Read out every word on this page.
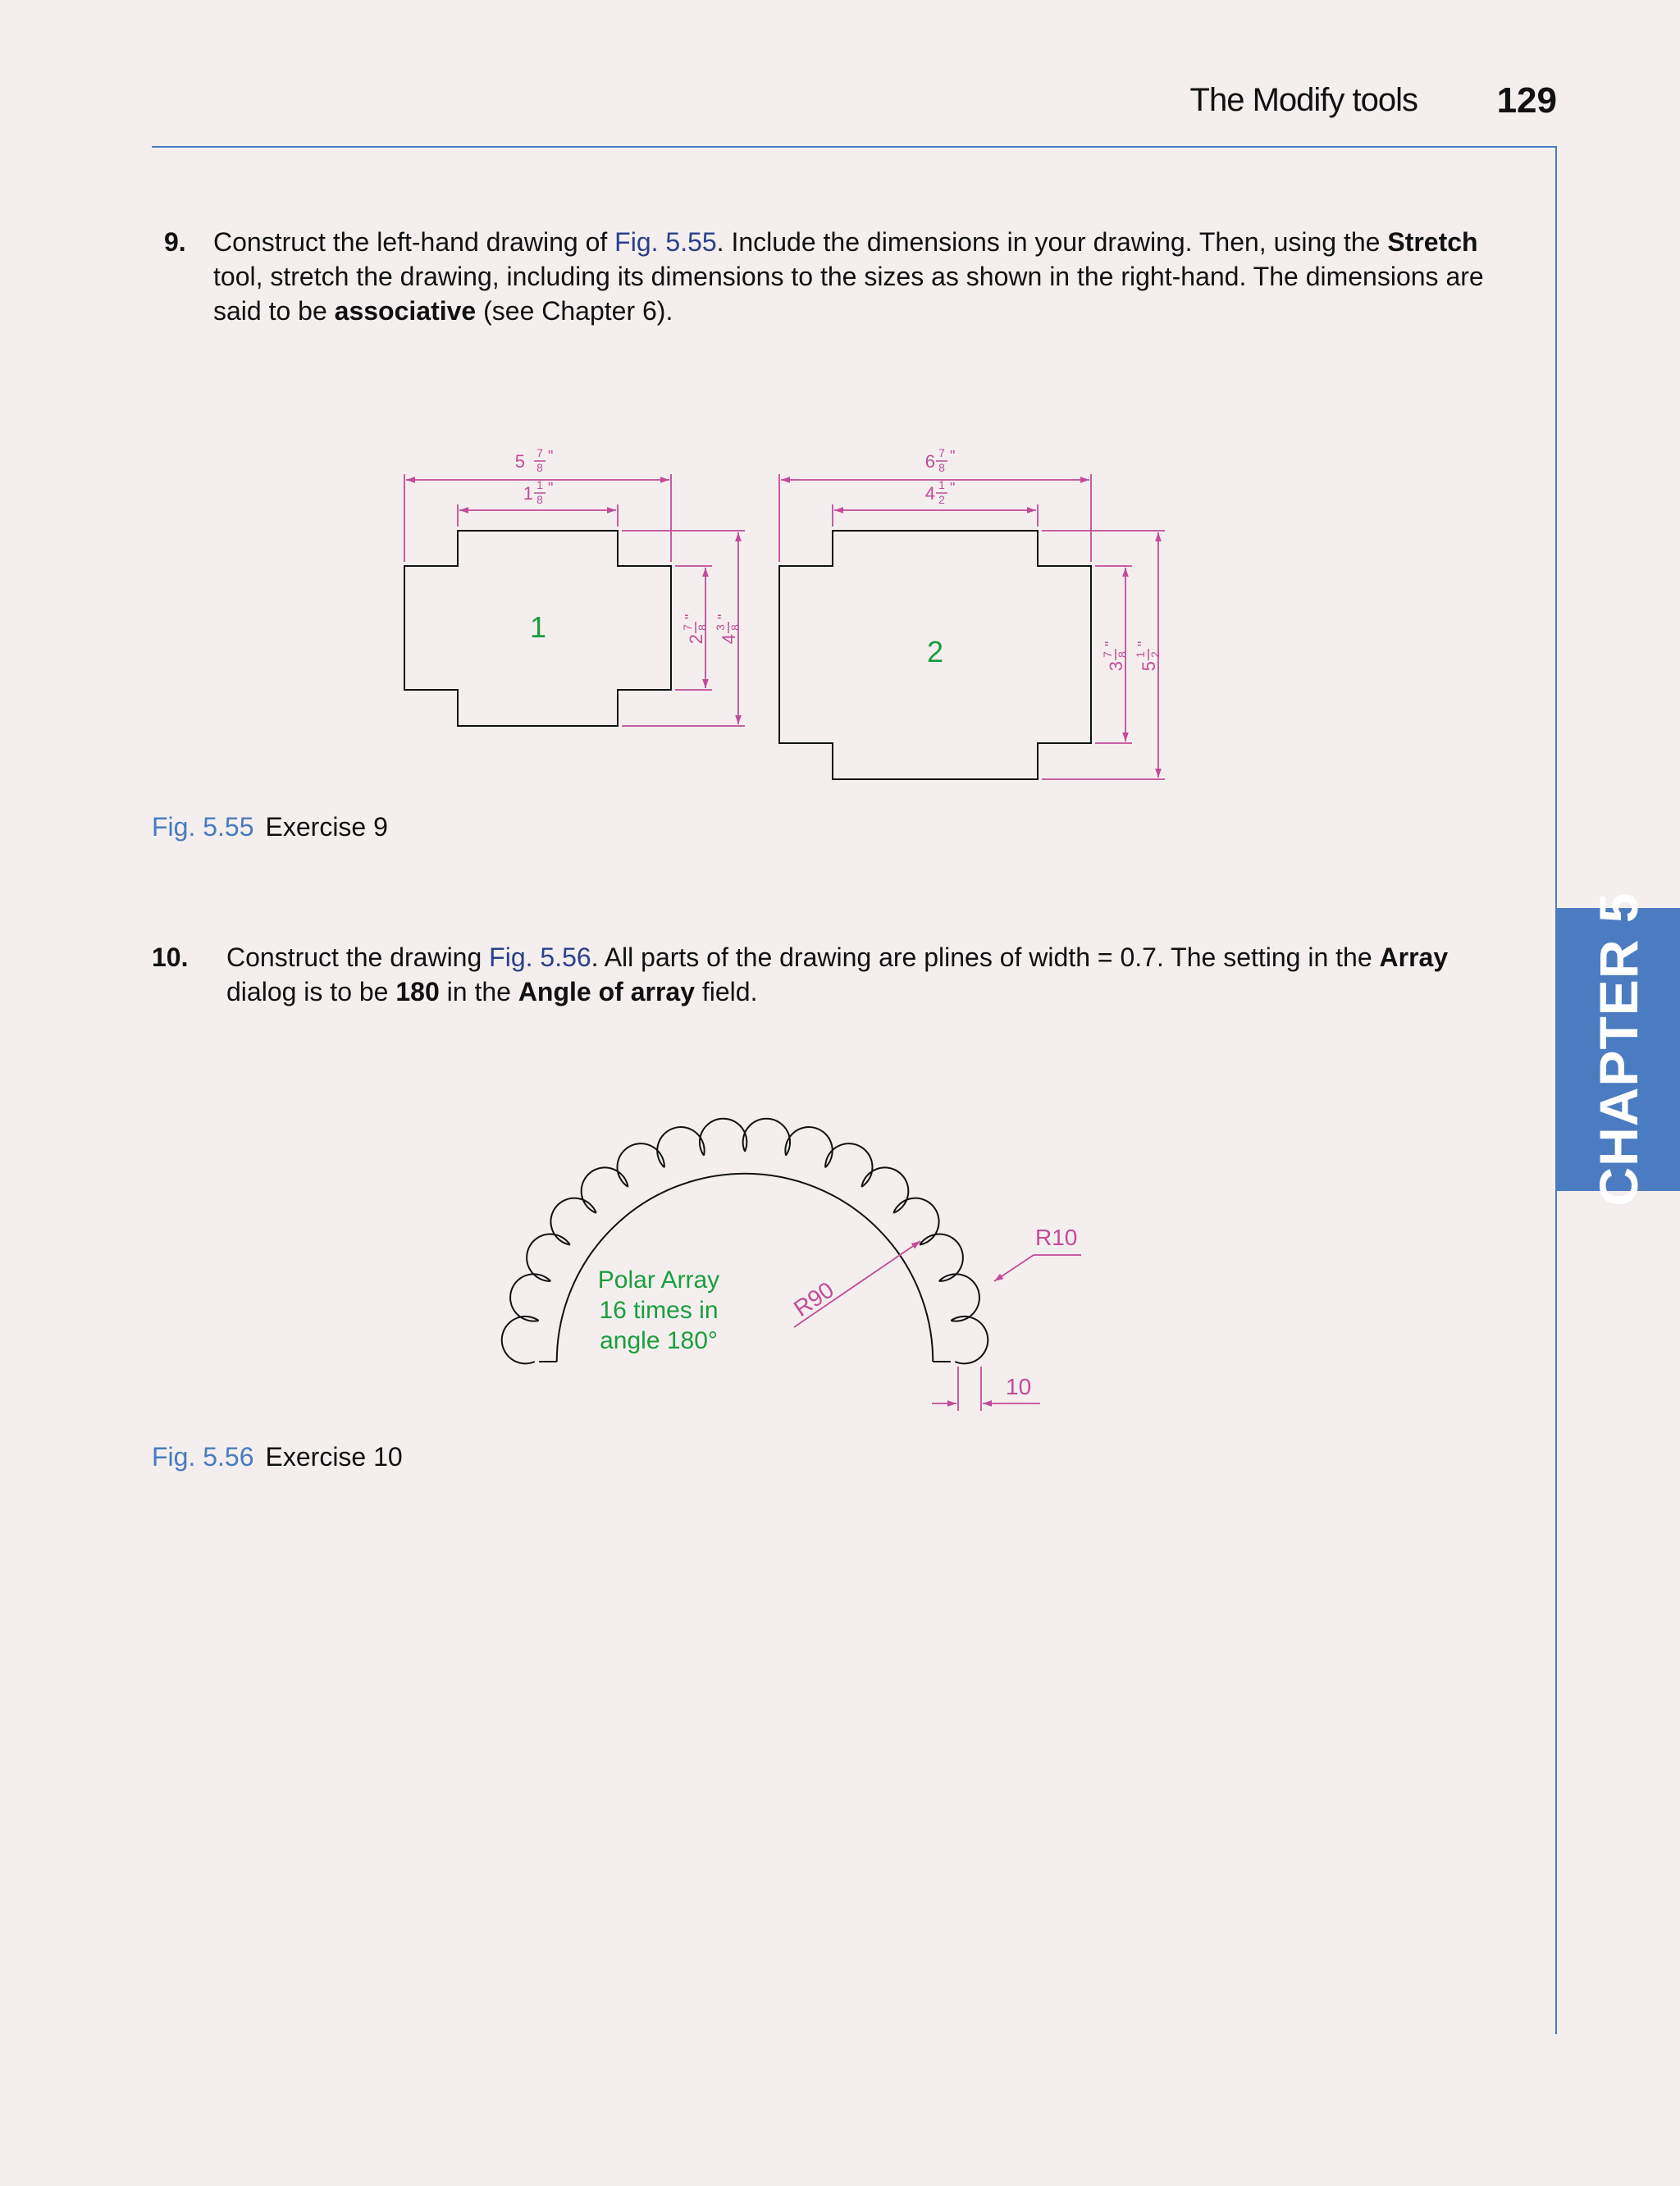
The Modify tools 129
CHAPTER 5
9. Construct the left-hand drawing of Fig. 5.55. Include the dimensions in your drawing. Then, using the Stretch tool, stretch the drawing, including its dimensions to the sizes as shown in the right-hand. The dimensions are said to be associative (see Chapter 6).
1
2
5 7
8
"
1 1
8
"
6 7
8
"
4 1
2
"
2
7 8
"
4
3 8
"
3
7 8
"
5
1 2
"
Fig. 5.55 Exercise 9
10. Construct the drawing Fig. 5.56. All parts of the drawing are plines of width = 0.7. The setting in the Array dialog is to be 180 in the Angle of array field.
Polar Array
16 times in
angle 180°
R90
R10
10
Fig. 5.56 Exercise 10
